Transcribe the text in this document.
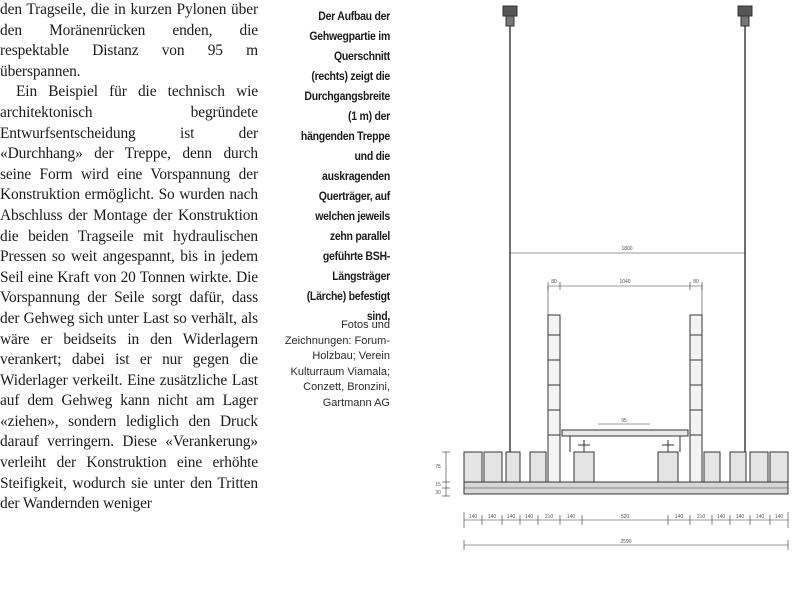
den Tragseile, die in kurzen Pylonen über den Moränenrücken enden, die respektable Distanz von 95 m überspannen.

Ein Beispiel für die technisch wie architektonisch begründete Entwurfsentscheidung ist der «Durchhang» der Treppe, denn durch seine Form wird eine Vorspannung der Konstruktion ermöglicht. So wurden nach Abschluss der Montage der Konstruktion die beiden Tragseile mit hydraulischen Pressen so weit angespannt, bis in jedem Seil eine Kraft von 20 Tonnen wirkte. Die Vorspannung der Seile sorgt dafür, dass der Gehweg sich unter Last so verhält, als wäre er beidseits in den Widerlagern verankert; dabei ist er nur gegen die Widerlager verkeilt. Eine zusätzliche Last auf dem Gehweg kann nicht am Lager «ziehen», sondern lediglich den Druck darauf verringern. Diese «Verankerung» verleiht der Konstruktion eine erhöhte Steifigkeit, wodurch sie unter den Tritten der Wandernden weniger

Der Aufbau der Gehwegpartie im Querschnitt (rechts) zeigt die Durchgangsbreite (1 m) der hängenden Treppe und die auskragenden Querträger, auf welchen jeweils zehn parallel geführte BSH-Längsträger (Lärche) befestigt sind.
Fotos und Zeichnungen: Forum-Holzbau; Verein Kulturraum Viamala; Conzett, Bronzini, Gartmann AG
1800
1040
80	80
95
75
15
30
140 140 140 140 210	140	520	140	210 140 140 140 140
2590
